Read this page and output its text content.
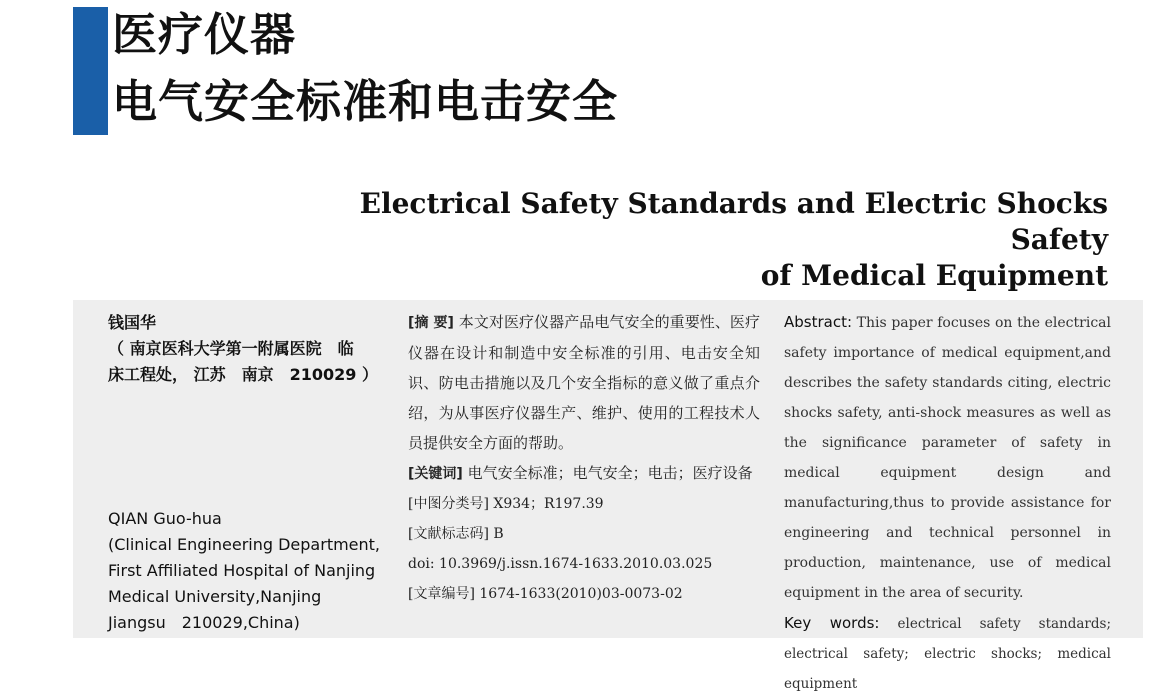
医疗仪器
电气安全标准和电击安全
Electrical Safety Standards and Electric Shocks Safety
of Medical Equipment
钱国华
（ 南京医科大学第一附属医院　临
床工程处， 江苏　南京　210029 ）
QIAN Guo-hua
(Clinical Engineering Department,
First Affiliated Hospital of Nanjing
Medical University,Nanjing
Jiangsu　210029,China)
[摘 要] 本文对医疗仪器产品电气安全的重要性、医疗仪器在设计和制造中安全标准的引用、电击安全知识、防电击措施以及几个安全指标的意义做了重点介绍，为从事医疗仪器生产、维护、使用的工程技术人员提供安全方面的帮助。
[关键词] 电气安全标准；电气安全；电击；医疗设备
[中图分类号] X934；R197.39
[文献标志码] B
doi: 10.3969/j.issn.1674-1633.2010.03.025
[文章编号] 1674-1633(2010)03-0073-02
Abstract: This paper focuses on the electrical safety importance of medical equipment,and describes the safety standards citing, electric shocks safety, anti-shock measures as well as the significance parameter of safety in medical equipment design and manufacturing,thus to provide assistance for engineering and technical personnel in production, maintenance, use of medical equipment in the area of security.
Key words: electrical safety standards; electrical safety; electric shocks; medical equipment
